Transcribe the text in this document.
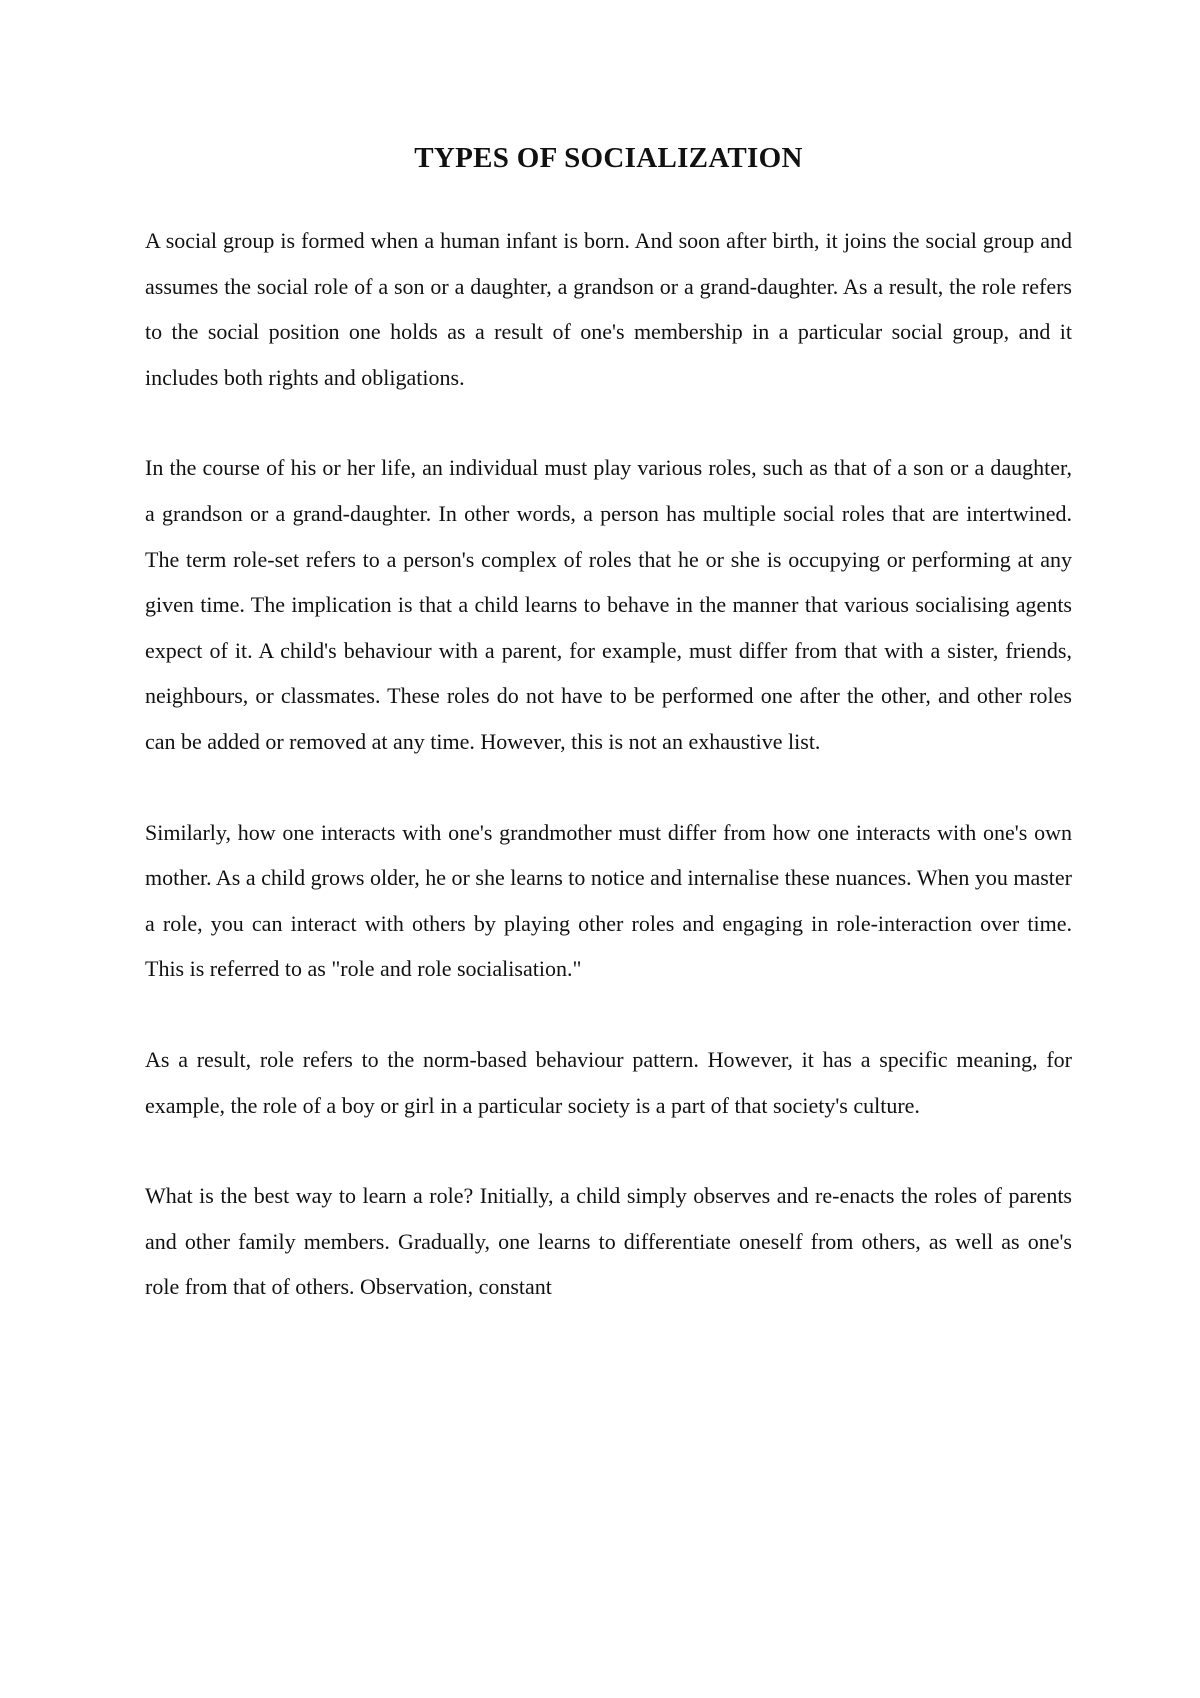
TYPES OF SOCIALIZATION

A social group is formed when a human infant is born. And soon after birth, it joins the social group and assumes the social role of a son or a daughter, a grandson or a grand-daughter. As a result, the role refers to the social position one holds as a result of one's membership in a particular social group, and it includes both rights and obligations.

In the course of his or her life, an individual must play various roles, such as that of a son or a daughter, a grandson or a grand-daughter. In other words, a person has multiple social roles that are intertwined. The term role-set refers to a person's complex of roles that he or she is occupying or performing at any given time. The implication is that a child learns to behave in the manner that various socialising agents expect of it. A child's behaviour with a parent, for example, must differ from that with a sister, friends, neighbours, or classmates. These roles do not have to be performed one after the other, and other roles can be added or removed at any time. However, this is not an exhaustive list.

Similarly, how one interacts with one's grandmother must differ from how one interacts with one's own mother. As a child grows older, he or she learns to notice and internalise these nuances. When you master a role, you can interact with others by playing other roles and engaging in role-interaction over time. This is referred to as "role and role socialisation."

As a result, role refers to the norm-based behaviour pattern. However, it has a specific meaning, for example, the role of a boy or girl in a particular society is a part of that society's culture.

What is the best way to learn a role? Initially, a child simply observes and re-enacts the roles of parents and other family members. Gradually, one learns to differentiate oneself from others, as well as one's role from that of others. Observation, constant
